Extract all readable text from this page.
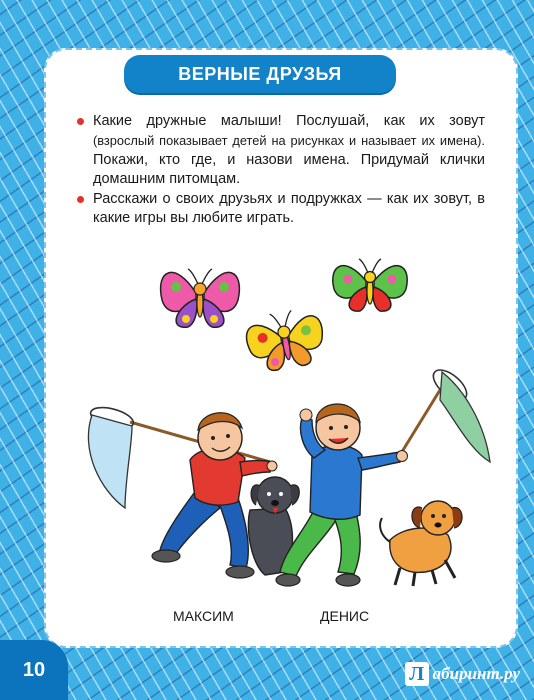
ВЕРНЫЕ ДРУЗЬЯ
Какие дружные малыши! Послушай, как их зовут (взрослый показывает детей на рисунках и называет их имена). Покажи, кто где, и назови имена. Придумай клички домашним питомцам.
Расскажи о своих друзьях и подружках — как их зовут, в какие игры вы любите играть.
МАКСИМ	ДЕНИС
10	Л абиринт.ру
